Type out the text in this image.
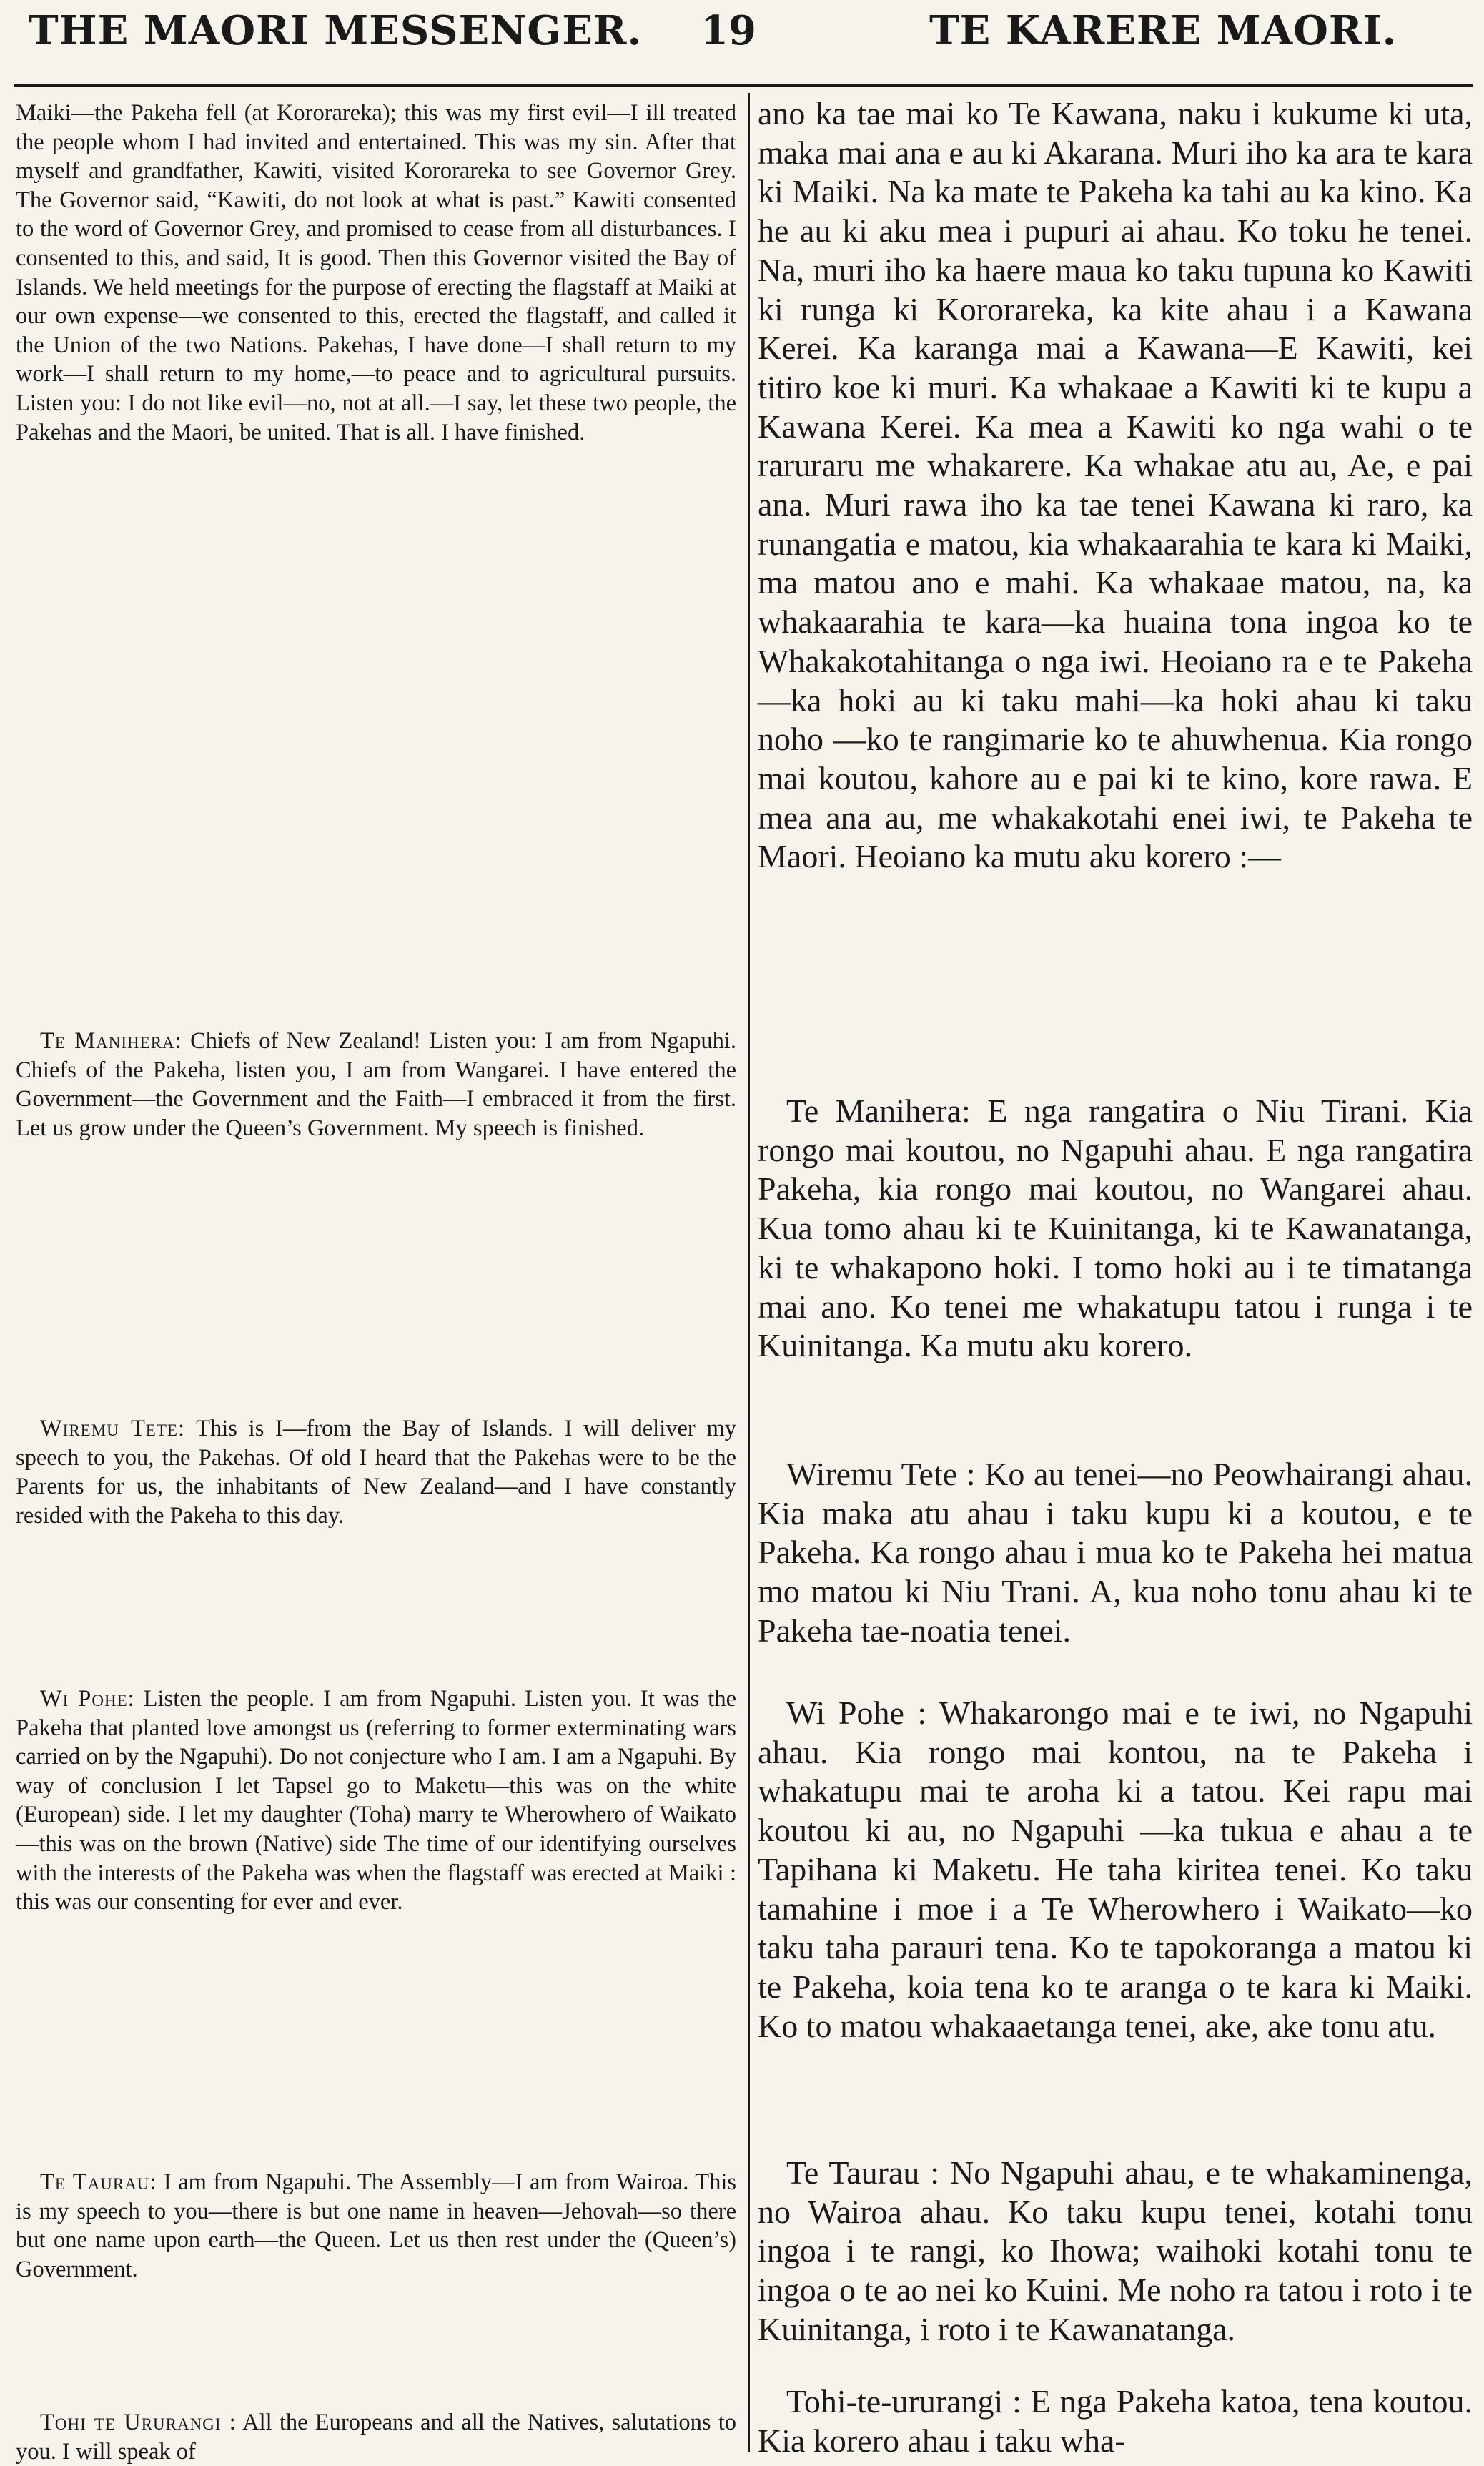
THE MAORI MESSENGER. 19	TE KARERE MAORI.

Maiki—the Pakeha fell (at Kororareka); this was my first evil—I ill treated the people whom I had invited and entertained. This was my sin. After that myself and grandfather, Kawiti, visited Kororareka to see Governor Grey. The Governor said, “Kawiti, do not look at what is past.” Kawiti consented to the word of Governor Grey, and promised to cease from all disturbances. I consented to this, and said, It is good. Then this Governor visited the Bay of Islands. We held meetings for the purpose of erecting the flagstaff at Maiki at our own expense—we consented to this, erected the flagstaff, and called it the Union of the two Nations. Pakehas, I have done—I shall return to my work—I shall return to my home,—to peace and to agricultural pursuits. Listen you: I do not like evil—no, not at all.—I say, let these two people, the Pakehas and the Maori, be united. That is all. I have finished.

Te Manihera: Chiefs of New Zealand! Listen you: I am from Ngapuhi. Chiefs of the Pakeha, listen you, I am from Wangarei. I have entered the Government—the Government and the Faith—I embraced it from the first. Let us grow under the Queen’s Government. My speech is finished.

Wiremu Tete: This is I—from the Bay of Islands. I will deliver my speech to you, the Pakehas. Of old I heard that the Pakehas were to be the Parents for us, the inhabitants of New Zealand—and I have constantly resided with the Pakeha to this day.

Wi Pohe: Listen the people. I am from Ngapuhi. Listen you. It was the Pakeha that planted love amongst us (referring to former exterminating wars carried on by the Ngapuhi). Do not conjecture who I am. I am a Ngapuhi. By way of conclusion I let Tapsel go to Maketu—this was on the white (European) side. I let my daughter (Toha) marry te Wherowhero of Waikato—this was on the brown (Native) side The time of our identifying ourselves with the interests of the Pakeha was when the flagstaff was erected at Maiki : this was our consenting for ever and ever.

Te Taurau: I am from Ngapuhi. The Assembly—I am from Wairoa. This is my speech to you—there is but one name in heaven—Jehovah—so there but one name upon earth—the Queen. Let us then rest under the (Queen’s) Government.

Tohi te Ururangi : All the Europeans and all the Natives, salutations to you. I will speak of

ano ka tae mai ko Te Kawana, naku i kukume ki uta, maka mai ana e au ki Akarana. Muri iho ka ara te kara ki Maiki. Na ka mate te Pakeha ka tahi au ka kino. Ka he au ki aku mea i pupuri ai ahau. Ko toku he tenei. Na, muri iho ka haere maua ko taku tupuna ko Kawiti ki runga ki Kororareka, ka kite ahau i a Kawana Kerei. Ka karanga mai a Kawana—E Kawiti, kei titiro koe ki muri. Ka whakaae a Kawiti ki te kupu a Kawana Kerei. Ka mea a Kawiti ko nga wahi o te raruraru me whakarere. Ka whakae atu au, Ae, e pai ana. Muri rawa iho ka tae tenei Kawana ki raro, ka runangatia e matou, kia whakaarahia te kara ki Maiki, ma matou ano e mahi. Ka whakaae matou, na, ka whakaarahia te kara—ka huaina tona ingoa ko te Whakakotahitanga o nga iwi. Heoiano ra e te Pakeha—ka hoki au ki taku mahi—ka hoki ahau ki taku noho —ko te rangimarie ko te ahuwhenua. Kia rongo mai koutou, kahore au e pai ki te kino, kore rawa. E mea ana au, me whakakotahi enei iwi, te Pakeha te Maori. Heoiano ka mutu aku korero :—

Te Manihera: E nga rangatira o Niu Tirani. Kia rongo mai koutou, no Ngapuhi ahau. E nga rangatira Pakeha, kia rongo mai koutou, no Wangarei ahau. Kua tomo ahau ki te Kuinitanga, ki te Kawanatanga, ki te whakapono hoki. I tomo hoki au i te timatanga mai ano. Ko tenei me whakatupu tatou i runga i te Kuinitanga. Ka mutu aku korero.

Wiremu Tete : Ko au tenei—no Peowhairangi ahau. Kia maka atu ahau i taku kupu ki a koutou, e te Pakeha. Ka rongo ahau i mua ko te Pakeha hei matua mo matou ki Niu Trani. A, kua noho tonu ahau ki te Pakeha tae-noatia tenei.

Wi Pohe : Whakarongo mai e te iwi, no Ngapuhi ahau. Kia rongo mai kontou, na te Pakeha i whakatupu mai te aroha ki a tatou. Kei rapu mai koutou ki au, no Ngapuhi —ka tukua e ahau a te Tapihana ki Maketu. He taha kiritea tenei. Ko taku tamahine i moe i a Te Wherowhero i Waikato—ko taku taha parauri tena. Ko te tapokoranga a matou ki te Pakeha, koia tena ko te aranga o te kara ki Maiki. Ko to matou whakaaetanga tenei, ake, ake tonu atu.

Te Taurau : No Ngapuhi ahau, e te whakaminenga, no Wairoa ahau. Ko taku kupu tenei, kotahi tonu ingoa i te rangi, ko Ihowa; waihoki kotahi tonu te ingoa o te ao nei ko Kuini. Me noho ra tatou i roto i te Kuinitanga, i roto i te Kawanatanga.

Tohi-te-ururangi : E nga Pakeha katoa, tena koutou. Kia korero ahau i taku wha-
